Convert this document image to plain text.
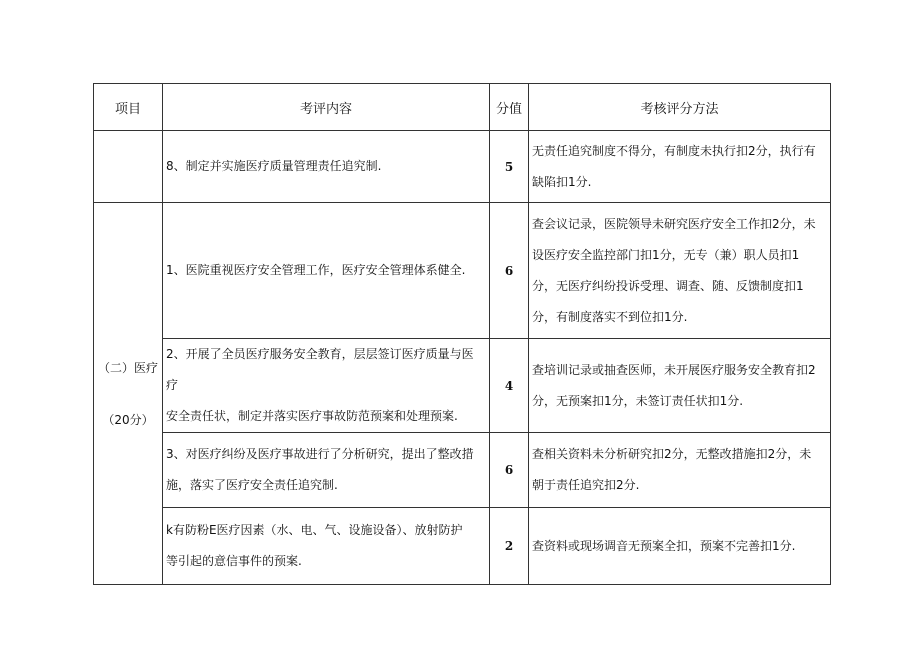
项目	考评内容	分值	考核评分方法
	8、制定并实施医疗质量管理责任追究制.	5	无责任追究制度不得分，有制度未执行扣2分，执行有
缺陷扣1分.

（二）医疗
（20分）	1、医院重视医疗安全管理工作，医疗安全管理体系健全.	6	查会议记录，医院领导未研究医疗安全工作扣2分，未
设医疗安全监控部门扣1分，无专（兼）职人员扣1
分，无医疗纠纷投诉受理、调查、随、反馈制度扣1
分，有制度落实不到位扣1分.
	2、开展了全员医疗服务安全教育，层层签订医疗质量与医疗
安全责任状，制定并落实医疗事故防范预案和处理预案.	4	查培训记录或抽查医师，未开展医疗服务安全教育扣2
分，无预案扣1分，未签订责任状扣1分.
	3、对医疗纠纷及医疗事故进行了分析研究，提出了整改措
施，落实了医疗安全责任追究制.	6	查相关资料未分析研究扣2分，无整改措施扣2分，未
朝于责任追究扣2分.
	k有防粉E医疗因素（水、电、气、设施设备）、放射防护
等引起的意信事件的预案.	2	查资料或现场调音无预案全扣，预案不完善扣1分.
